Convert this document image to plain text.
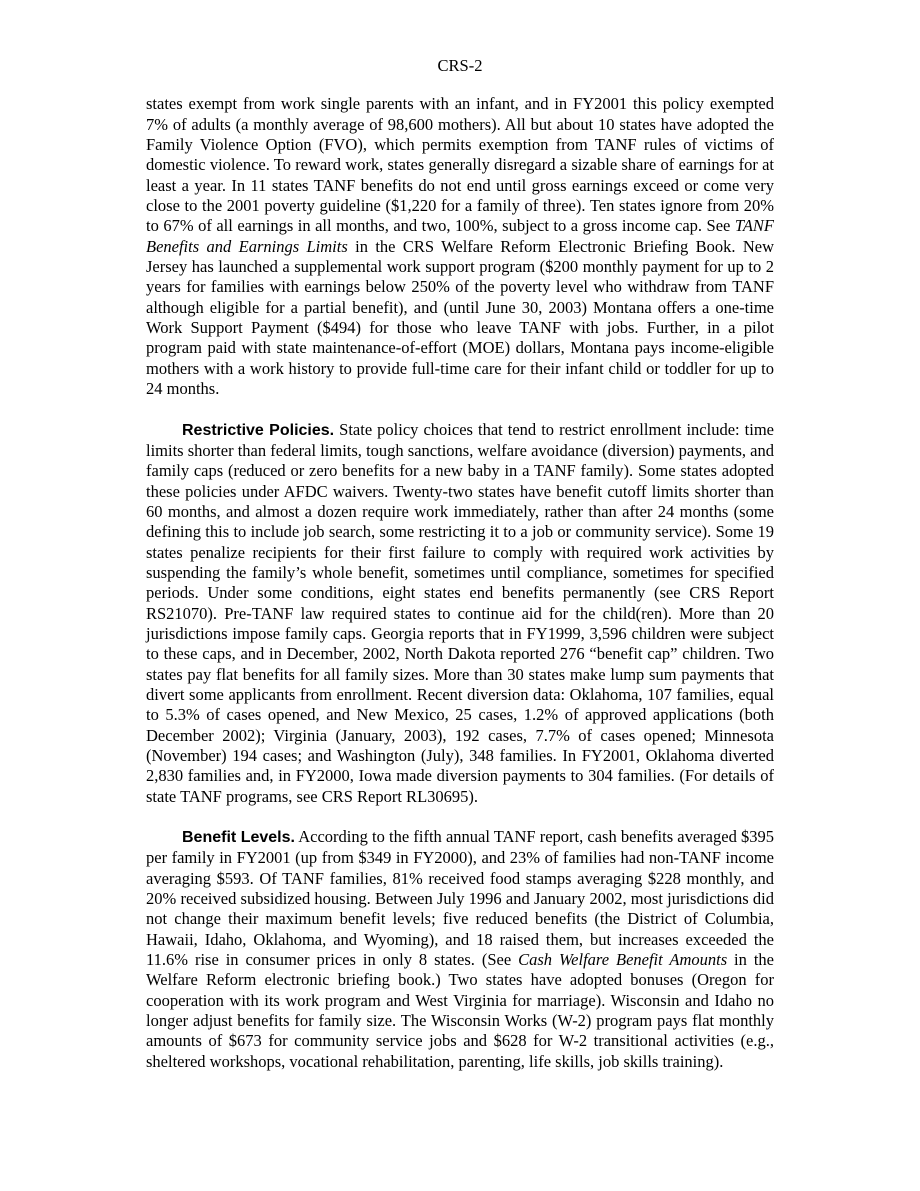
CRS-2

states exempt from work single parents with an infant, and in FY2001 this policy exempted 7% of adults (a monthly average of 98,600 mothers). All but about 10 states have adopted the Family Violence Option (FVO), which permits exemption from TANF rules of victims of domestic violence. To reward work, states generally disregard a sizable share of earnings for at least a year. In 11 states TANF benefits do not end until gross earnings exceed or come very close to the 2001 poverty guideline ($1,220 for a family of three). Ten states ignore from 20% to 67% of all earnings in all months, and two, 100%, subject to a gross income cap. See TANF Benefits and Earnings Limits in the CRS Welfare Reform Electronic Briefing Book. New Jersey has launched a supplemental work support program ($200 monthly payment for up to 2 years for families with earnings below 250% of the poverty level who withdraw from TANF although eligible for a partial benefit), and (until June 30, 2003) Montana offers a one-time Work Support Payment ($494) for those who leave TANF with jobs. Further, in a pilot program paid with state maintenance-of-effort (MOE) dollars, Montana pays income-eligible mothers with a work history to provide full-time care for their infant child or toddler for up to 24 months.

Restrictive Policies. State policy choices that tend to restrict enrollment include: time limits shorter than federal limits, tough sanctions, welfare avoidance (diversion) payments, and family caps (reduced or zero benefits for a new baby in a TANF family). Some states adopted these policies under AFDC waivers. Twenty-two states have benefit cutoff limits shorter than 60 months, and almost a dozen require work immediately, rather than after 24 months (some defining this to include job search, some restricting it to a job or community service). Some 19 states penalize recipients for their first failure to comply with required work activities by suspending the family’s whole benefit, sometimes until compliance, sometimes for specified periods. Under some conditions, eight states end benefits permanently (see CRS Report RS21070). Pre-TANF law required states to continue aid for the child(ren). More than 20 jurisdictions impose family caps. Georgia reports that in FY1999, 3,596 children were subject to these caps, and in December, 2002, North Dakota reported 276 “benefit cap” children. Two states pay flat benefits for all family sizes. More than 30 states make lump sum payments that divert some applicants from enrollment. Recent diversion data: Oklahoma, 107 families, equal to 5.3% of cases opened, and New Mexico, 25 cases, 1.2% of approved applications (both December 2002); Virginia (January, 2003), 192 cases, 7.7% of cases opened; Minnesota (November) 194 cases; and Washington (July), 348 families. In FY2001, Oklahoma diverted 2,830 families and, in FY2000, Iowa made diversion payments to 304 families. (For details of state TANF programs, see CRS Report RL30695).

Benefit Levels. According to the fifth annual TANF report, cash benefits averaged $395 per family in FY2001 (up from $349 in FY2000), and 23% of families had non-TANF income averaging $593. Of TANF families, 81% received food stamps averaging $228 monthly, and 20% received subsidized housing. Between July 1996 and January 2002, most jurisdictions did not change their maximum benefit levels; five reduced benefits (the District of Columbia, Hawaii, Idaho, Oklahoma, and Wyoming), and 18 raised them, but increases exceeded the 11.6% rise in consumer prices in only 8 states. (See Cash Welfare Benefit Amounts in the Welfare Reform electronic briefing book.) Two states have adopted bonuses (Oregon for cooperation with its work program and West Virginia for marriage). Wisconsin and Idaho no longer adjust benefits for family size. The Wisconsin Works (W-2) program pays flat monthly amounts of $673 for community service jobs and $628 for W-2 transitional activities (e.g., sheltered workshops, vocational rehabilitation, parenting, life skills, job skills training).
